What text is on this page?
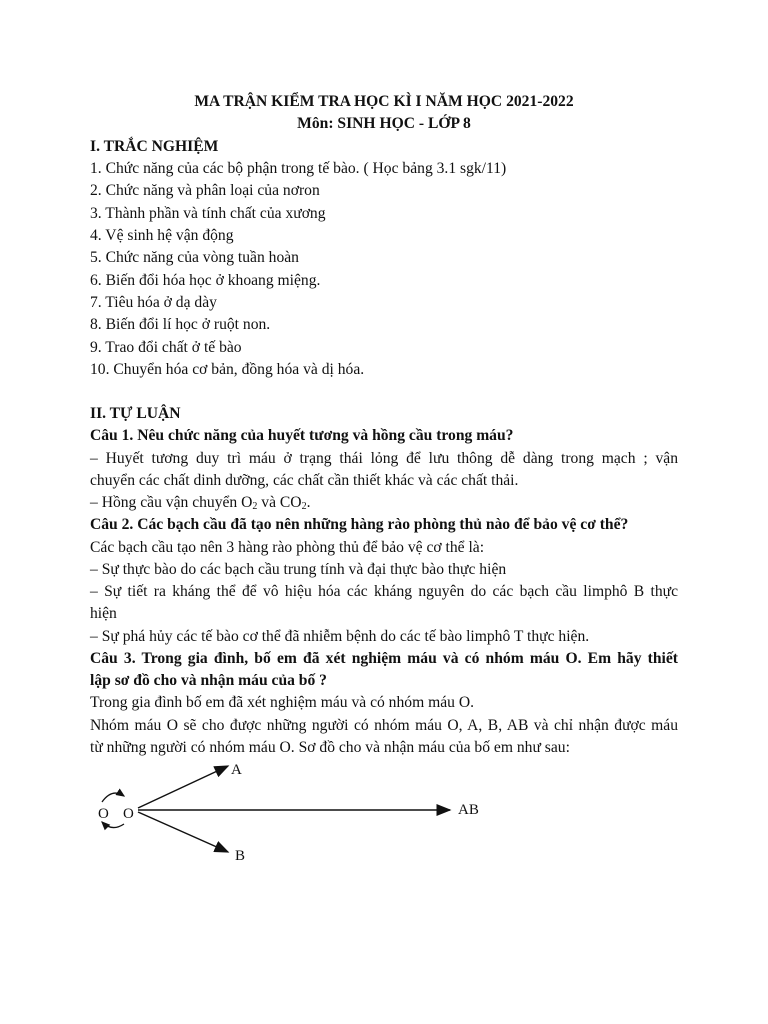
MA TRẬN KIỂM TRA HỌC KÌ I NĂM HỌC 2021-2022
Môn: SINH HỌC - LỚP 8
I. TRẮC NGHIỆM
1. Chức năng của các bộ phận trong tế bào. ( Học bảng 3.1 sgk/11)
2. Chức năng và phân loại của nơron
3. Thành phần và tính chất của xương
4. Vệ sinh hệ vận động
5. Chức năng của vòng tuần hoàn
6. Biến đổi hóa học ở khoang miệng.
7. Tiêu hóa ở dạ dày
8. Biến đổi lí học ở ruột non.
9. Trao đổi chất ở tế bào
10. Chuyển hóa cơ bản, đồng hóa và dị hóa.
II. TỰ LUẬN
Câu 1. Nêu chức năng của huyết tương và hồng cầu trong máu?
– Huyết tương duy trì máu ở trạng thái lỏng để lưu thông dễ dàng trong mạch ; vận
chuyển các chất dinh dưỡng, các chất cần thiết khác và các chất thải.
– Hồng cầu vận chuyển $O_2$ và $CO_2$.
Câu 2. Các bạch cầu đã tạo nên những hàng rào phòng thủ nào để bảo vệ cơ thể?
Các bạch cầu tạo nên 3 hàng rào phòng thủ để bảo vệ cơ thể là:
– Sự thực bào do các bạch cầu trung tính và đại thực bào thực hiện
– Sự tiết ra kháng thể để vô hiệu hóa các kháng nguyên do các bạch cầu limphô B thực
hiện
– Sự phá hủy các tế bào cơ thể đã nhiễm bệnh do các tế bào limphô T thực hiện.
Câu 3. Trong gia đình, bố em đã xét nghiệm máu và có nhóm máu O. Em hãy thiết
lập sơ đồ cho và nhận máu của bố ?
Trong gia đình bố em đã xét nghiệm máu và có nhóm máu O.
Nhóm máu O sẽ cho được những người có nhóm máu O, A, B, AB và chỉ nhận được máu
từ những người có nhóm máu O. Sơ đồ cho và nhận máu của bố em như sau:
O O
A
AB
B
